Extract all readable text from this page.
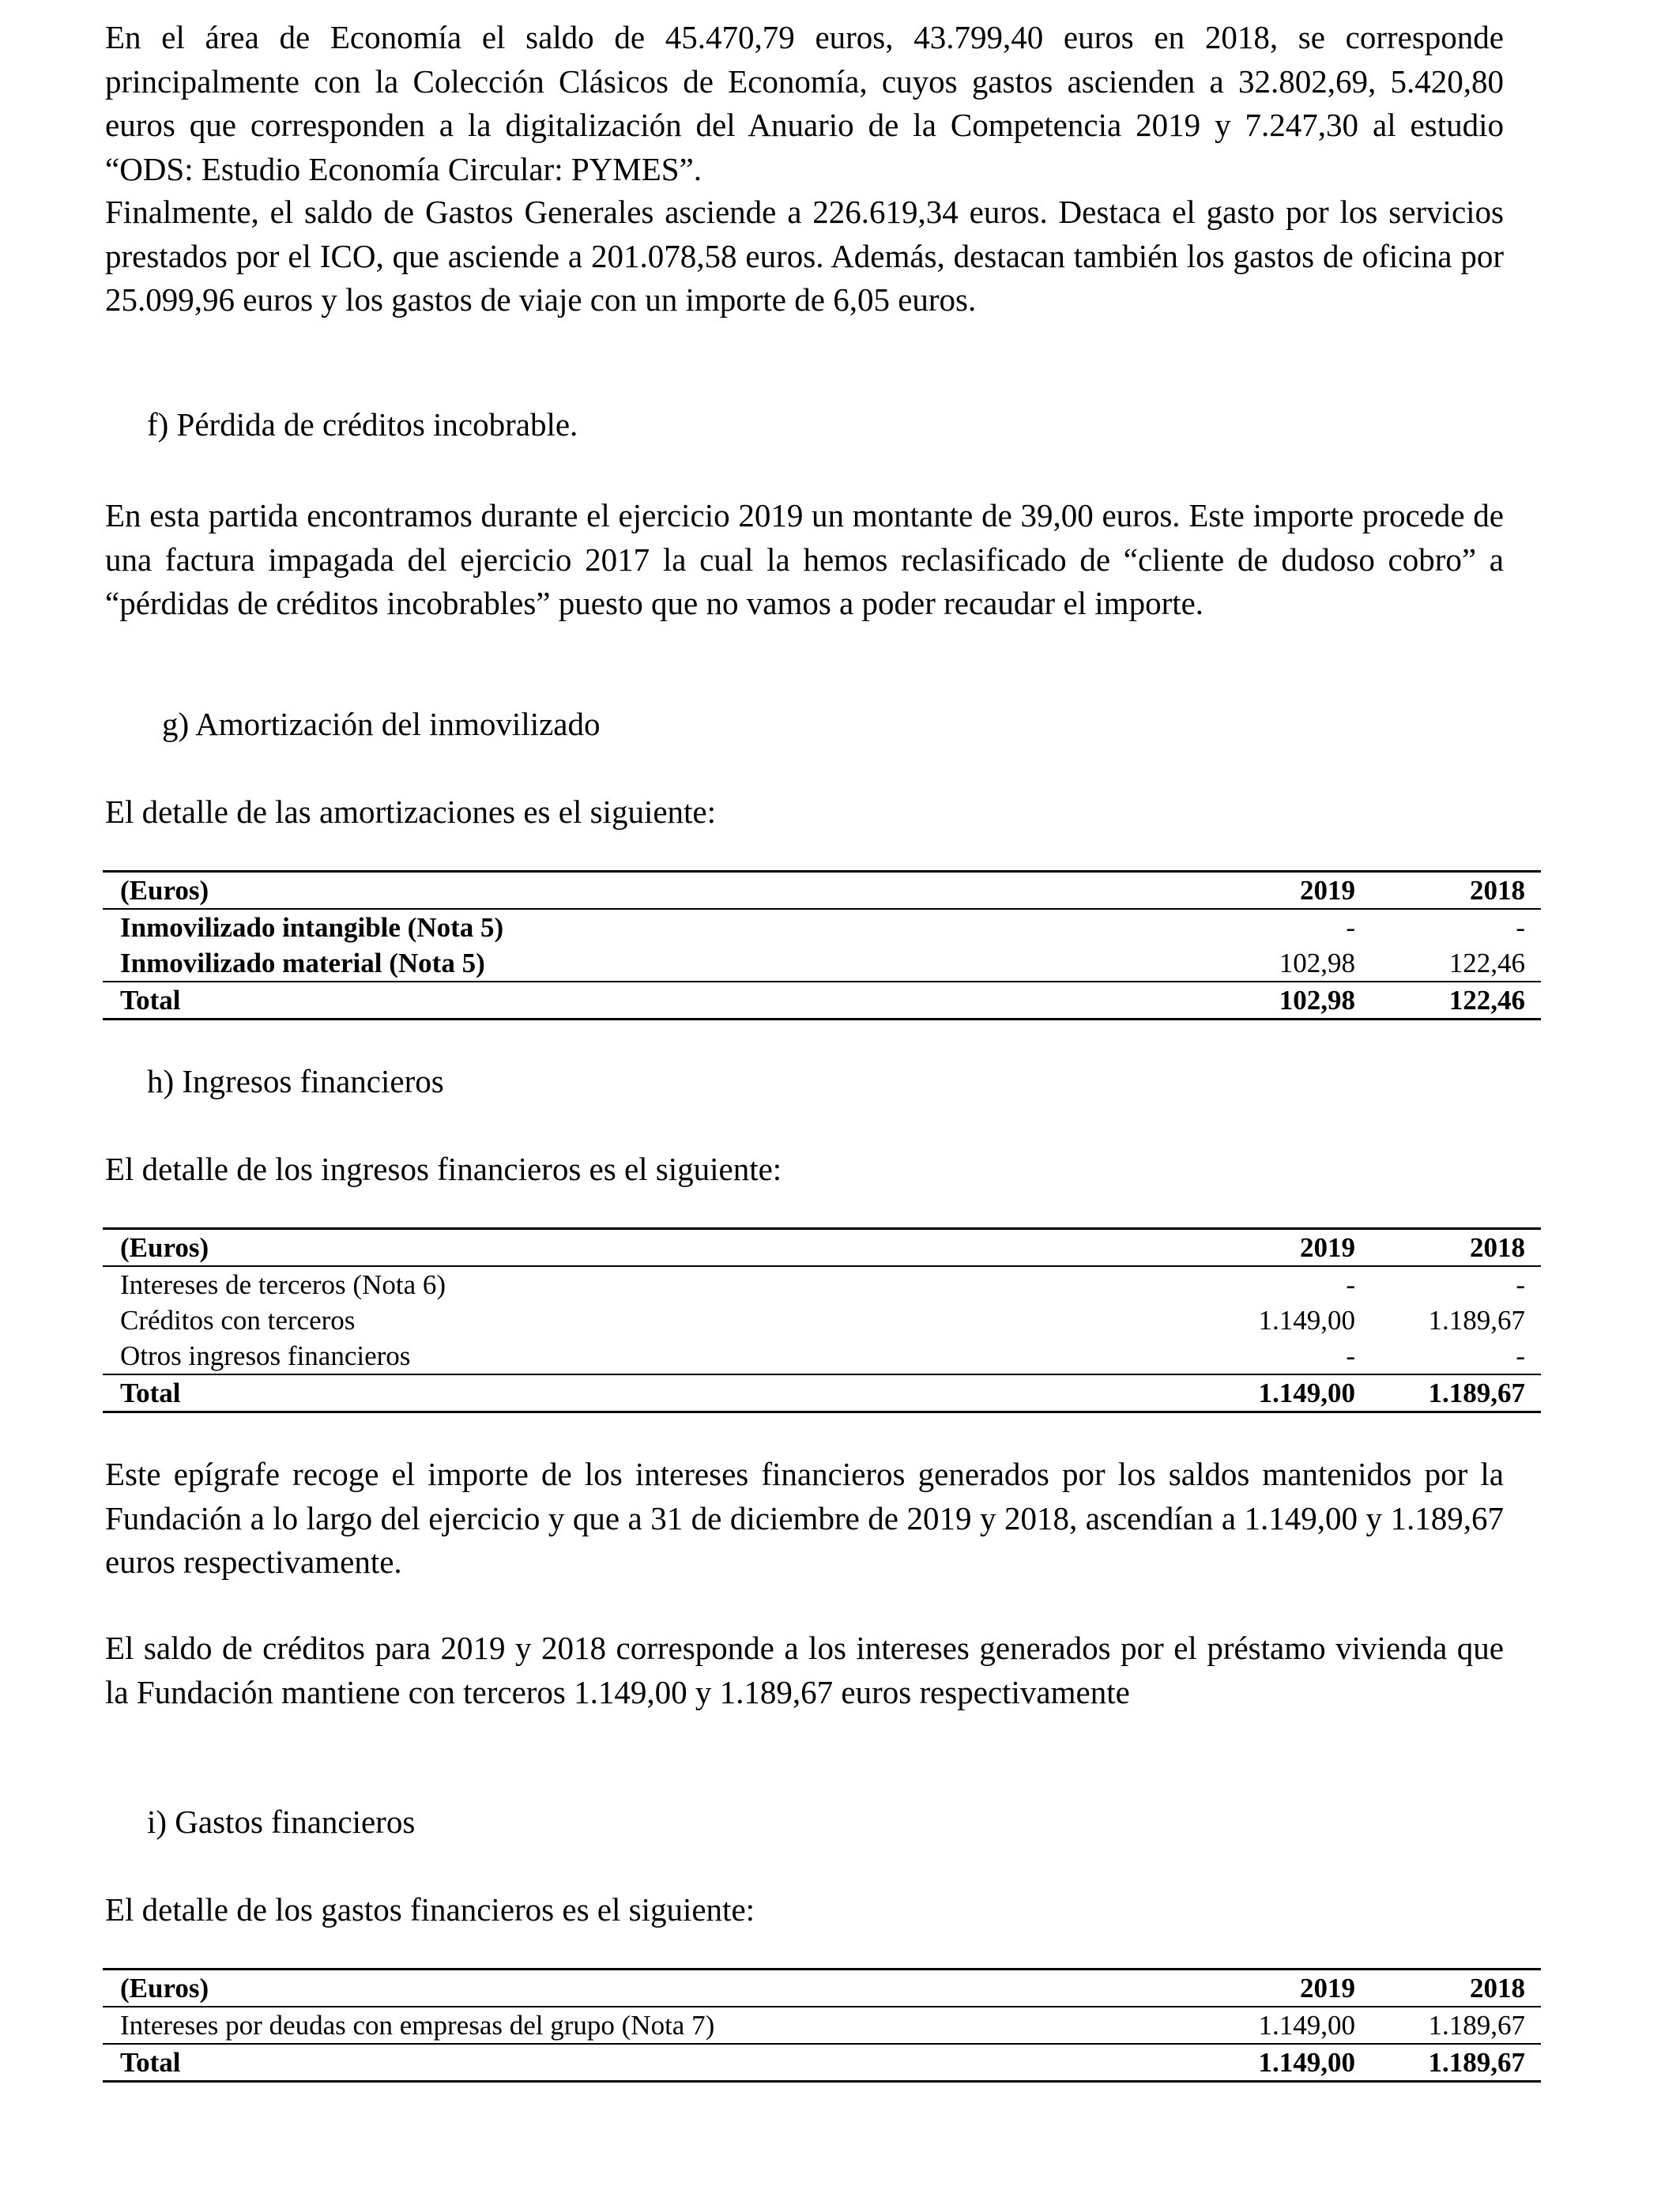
En el área de Economía el saldo de 45.470,79 euros, 43.799,40 euros en 2018, se corresponde principalmente con la Colección Clásicos de Economía, cuyos gastos ascienden a 32.802,69, 5.420,80 euros que corresponden a la digitalización del Anuario de la Competencia 2019 y 7.247,30 al estudio “ODS: Estudio Economía Circular: PYMES”.

Finalmente, el saldo de Gastos Generales asciende a 226.619,34 euros. Destaca el gasto por los servicios prestados por el ICO, que asciende a 201.078,58 euros. Además, destacan también los gastos de oficina por 25.099,96 euros y los gastos de viaje con un importe de 6,05 euros.

f) Pérdida de créditos incobrable.

En esta partida encontramos durante el ejercicio 2019 un montante de 39,00 euros. Este importe procede de una factura impagada del ejercicio 2017 la cual la hemos reclasificado de “cliente de dudoso cobro” a “pérdidas de créditos incobrables” puesto que no vamos a poder recaudar el importe.

g) Amortización del inmovilizado

El detalle de las amortizaciones es el siguiente:

(Euros)	2019	2018
Inmovilizado intangible (Nota 5)	-	-
Inmovilizado material (Nota 5)	102,98	122,46
Total	102,98	122,46

h) Ingresos financieros

El detalle de los ingresos financieros es el siguiente:

(Euros)	2019	2018
Intereses de terceros (Nota 6)	-	-
Créditos con terceros	1.149,00	1.189,67
Otros ingresos financieros	-	-
Total	1.149,00	1.189,67

Este epígrafe recoge el importe de los intereses financieros generados por los saldos mantenidos por la Fundación a lo largo del ejercicio y que a 31 de diciembre de 2019 y 2018, ascendían a 1.149,00 y 1.189,67 euros respectivamente.

El saldo de créditos para 2019 y 2018 corresponde a los intereses generados por el préstamo vivienda que la Fundación mantiene con terceros 1.149,00 y 1.189,67 euros respectivamente

i) Gastos financieros

El detalle de los gastos financieros es el siguiente:

(Euros)	2019	2018
Intereses por deudas con empresas del grupo (Nota 7)	1.149,00	1.189,67
Total	1.149,00	1.189,67
